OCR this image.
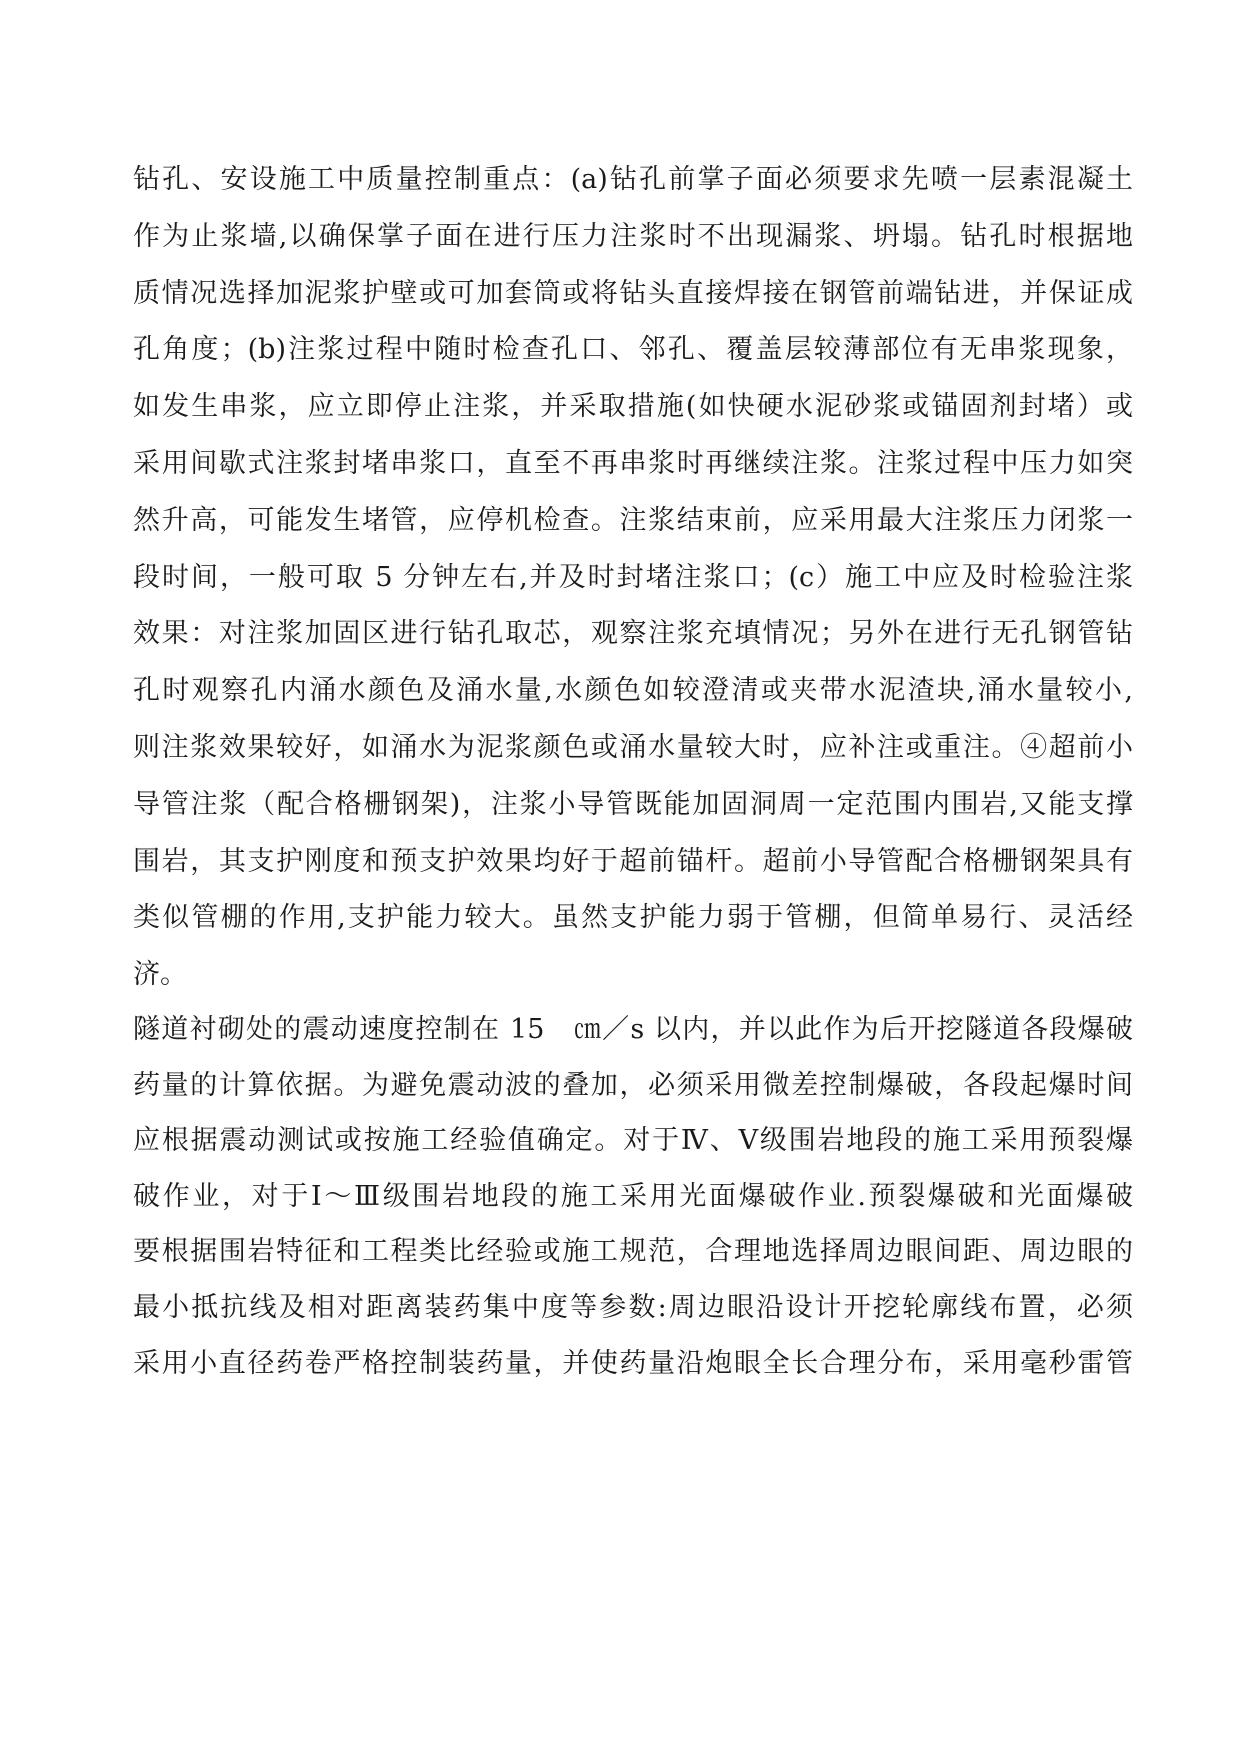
钻孔、安设施工中质量控制重点：(a)钻孔前掌子面必须要求先喷一层素混凝土
作为止浆墙,以确保掌子面在进行压力注浆时不出现漏浆、坍塌。钻孔时根据地
质情况选择加泥浆护壁或可加套筒或将钻头直接焊接在钢管前端钻进，并保证成
孔角度；(b)注浆过程中随时检查孔口、邻孔、覆盖层较薄部位有无串浆现象，
如发生串浆，应立即停止注浆，并采取措施(如快硬水泥砂浆或锚固剂封堵）或
采用间歇式注浆封堵串浆口，直至不再串浆时再继续注浆。注浆过程中压力如突
然升高，可能发生堵管，应停机检查。注浆结束前，应采用最大注浆压力闭浆一
段时间，一般可取 5 分钟左右,并及时封堵注浆口；(c）施工中应及时检验注浆
效果：对注浆加固区进行钻孔取芯，观察注浆充填情况；另外在进行无孔钢管钻
孔时观察孔内涌水颜色及涌水量,水颜色如较澄清或夹带水泥渣块,涌水量较小,
则注浆效果较好，如涌水为泥浆颜色或涌水量较大时，应补注或重注。④超前小
导管注浆（配合格栅钢架)，注浆小导管既能加固洞周一定范围内围岩,又能支撑
围岩，其支护刚度和预支护效果均好于超前锚杆。超前小导管配合格栅钢架具有
类似管棚的作用,支护能力较大。虽然支护能力弱于管棚，但简单易行、灵活经
济。
隧道衬砌处的震动速度控制在 15　㎝／s 以内，并以此作为后开挖隧道各段爆破
药量的计算依据。为避免震动波的叠加，必须采用微差控制爆破，各段起爆时间
应根据震动测试或按施工经验值确定。对于Ⅳ、Ⅴ级围岩地段的施工采用预裂爆
破作业，对于Ⅰ～Ⅲ级围岩地段的施工采用光面爆破作业.预裂爆破和光面爆破
要根据围岩特征和工程类比经验或施工规范，合理地选择周边眼间距、周边眼的
最小抵抗线及相对距离装药集中度等参数:周边眼沿设计开挖轮廓线布置，必须
采用小直径药卷严格控制装药量，并使药量沿炮眼全长合理分布，采用毫秒雷管
